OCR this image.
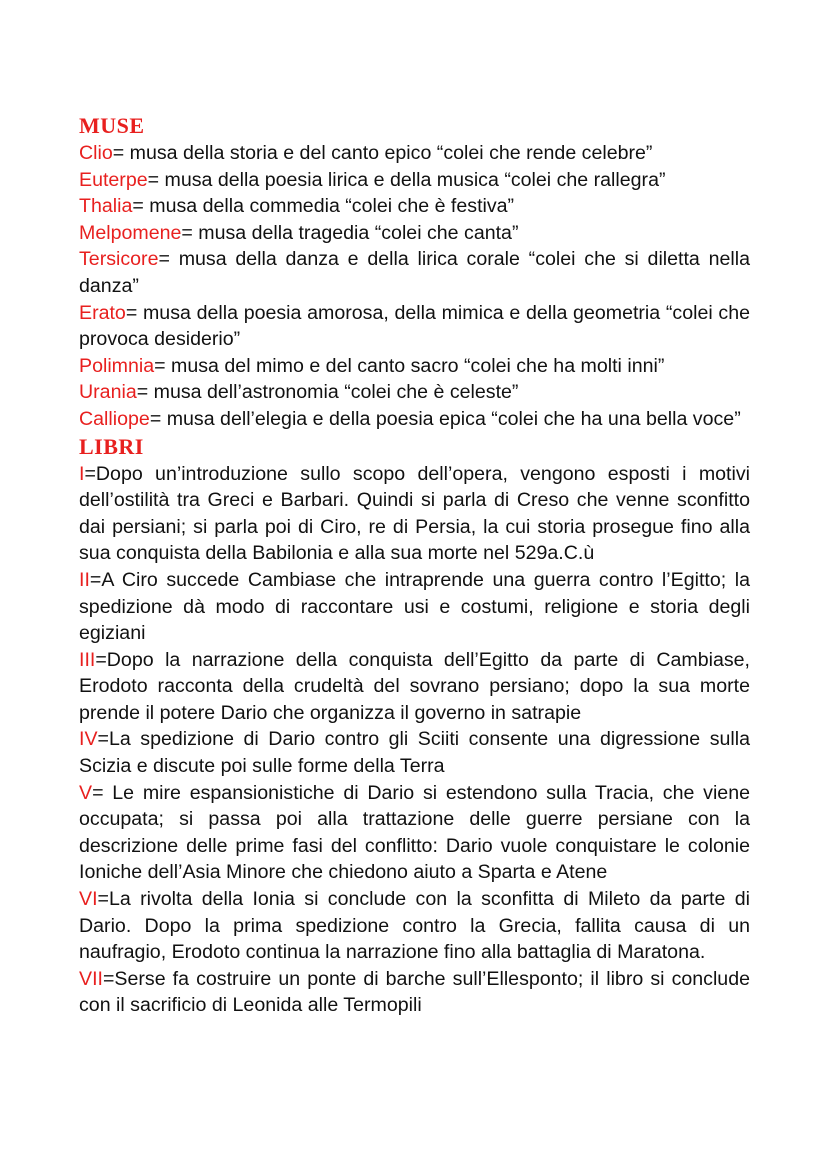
MUSE
Clio= musa della storia e del canto epico “colei che rende celebre”
Euterpe= musa della poesia lirica e della musica “colei che rallegra”
Thalia= musa della commedia “colei che è festiva”
Melpomene= musa della tragedia “colei che canta”
Tersicore= musa della danza e della lirica corale “colei che si diletta nella danza”
Erato= musa della poesia amorosa, della mimica e della geometria “colei che provoca desiderio”
Polimnia= musa del mimo e del canto sacro “colei che ha molti inni”
Urania= musa dell’astronomia “colei che è celeste”
Calliope= musa dell’elegia e della poesia epica “colei che ha una bella voce”
LIBRI
I=Dopo un’introduzione sullo scopo dell’opera, vengono esposti i motivi dell’ostilità tra Greci e Barbari. Quindi si parla di Creso che venne sconfitto dai persiani; si parla poi di Ciro, re di Persia, la cui storia prosegue fino alla sua conquista della Babilonia e alla sua morte nel 529a.C.ù
II=A Ciro succede Cambiase che intraprende una guerra contro l’Egitto; la spedizione dà modo di raccontare usi e costumi, religione e storia degli egiziani
III=Dopo la narrazione della conquista dell’Egitto da parte di Cambiase, Erodoto racconta della crudeltà del sovrano persiano; dopo la sua morte prende il potere Dario che organizza il governo in satrapie
IV=La spedizione di Dario contro gli Sciiti consente una digressione sulla Scizia e discute poi sulle forme della Terra
V= Le mire espansionistiche di Dario si estendono sulla Tracia, che viene occupata; si passa poi alla trattazione delle guerre persiane con la descrizione delle prime fasi del conflitto: Dario vuole conquistare le colonie Ioniche dell’Asia Minore che chiedono aiuto a Sparta e Atene
VI=La rivolta della Ionia si conclude con la sconfitta di Mileto da parte di Dario. Dopo la prima spedizione contro la Grecia, fallita causa di un naufragio, Erodoto continua la narrazione fino alla battaglia di Maratona.
VII=Serse fa costruire un ponte di barche sull’Ellesponto; il libro si conclude con il sacrificio di Leonida alle Termopili
